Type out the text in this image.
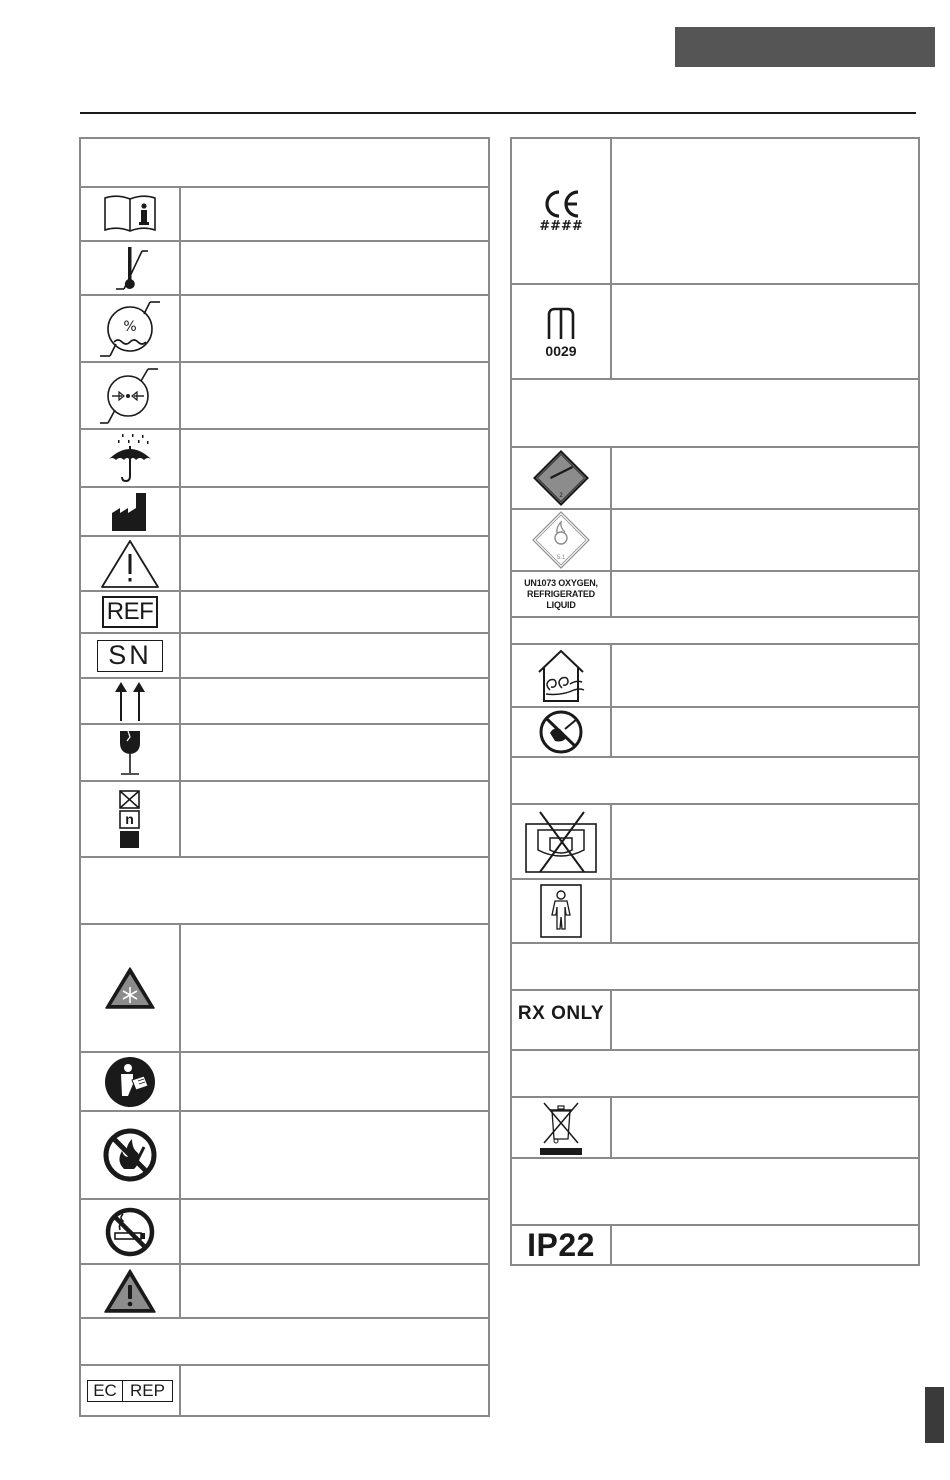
%
REF
SN
n
EC REP
####
0029
2
5.1
UN1073 OXYGEN,
REFRIGERATED LIQUID
RX ONLY
IP22
